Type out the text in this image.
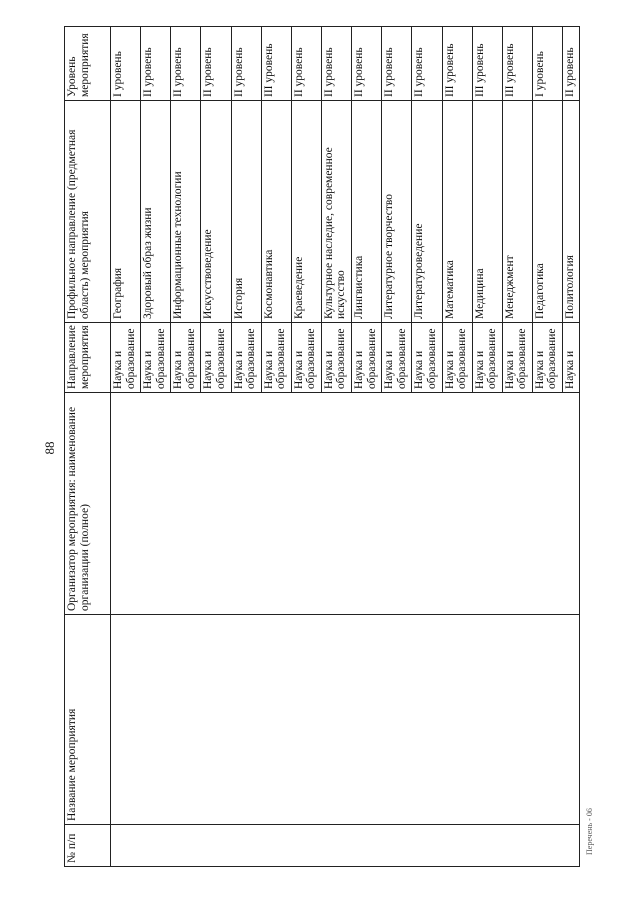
88
№ п/п	Название мероприятия	Организатор мероприятия: наименование организации (полное)	Направление мероприятия	Профильное направление (предметная область) мероприятия	Уровень мероприятия
			Наука и образование	География	I уровень
			Наука и образование	Здоровый образ жизни	II уровень
			Наука и образование	Информационные технологии	II уровень
			Наука и образование	Искусствоведение	II уровень
			Наука и образование	История	II уровень
			Наука и образование	Космонавтика	III уровень
			Наука и образование	Краеведение	II уровень
			Наука и образование	Культурное наследие, современное искусство	II уровень
			Наука и образование	Лингвистика	II уровень
			Наука и образование	Литературное творчество	II уровень
			Наука и образование	Литературоведение	II уровень
			Наука и образование	Математика	III уровень
			Наука и образование	Медицина	III уровень
			Наука и образование	Менеджмент	III уровень
			Наука и образование	Педагогика	I уровень
			Наука и	Политология	II уровень
Перечень - 06
